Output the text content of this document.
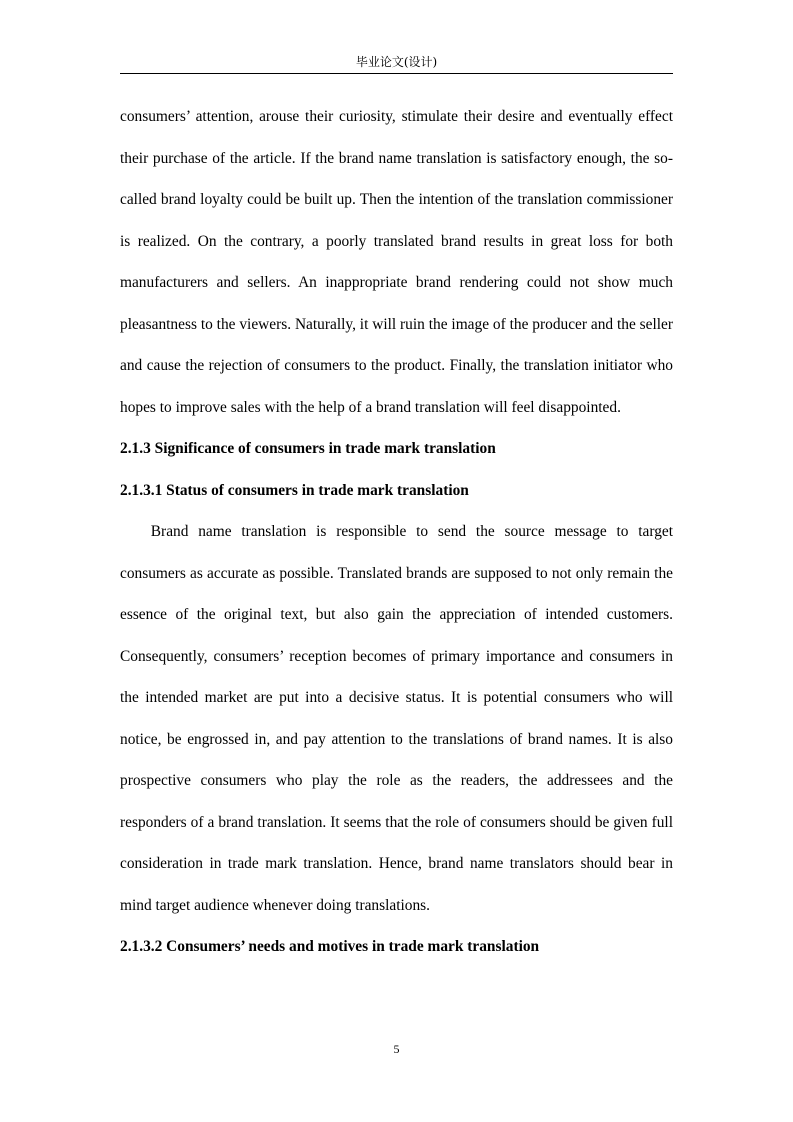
毕业论文(设计)

consumers’ attention, arouse their curiosity, stimulate their desire and eventually effect their purchase of the article. If the brand name translation is satisfactory enough, the so-called brand loyalty could be built up. Then the intention of the translation commissioner is realized. On the contrary, a poorly translated brand results in great loss for both manufacturers and sellers. An inappropriate brand rendering could not show much pleasantness to the viewers. Naturally, it will ruin the image of the producer and the seller and cause the rejection of consumers to the product. Finally, the translation initiator who hopes to improve sales with the help of a brand translation will feel disappointed.

2.1.3 Significance of consumers in trade mark translation

2.1.3.1 Status of consumers in trade mark translation

Brand name translation is responsible to send the source message to target consumers as accurate as possible. Translated brands are supposed to not only remain the essence of the original text, but also gain the appreciation of intended customers. Consequently, consumers’ reception becomes of primary importance and consumers in the intended market are put into a decisive status. It is potential consumers who will notice, be engrossed in, and pay attention to the translations of brand names. It is also prospective consumers who play the role as the readers, the addressees and the responders of a brand translation. It seems that the role of consumers should be given full consideration in trade mark translation. Hence, brand name translators should bear in mind target audience whenever doing translations.

2.1.3.2 Consumers’ needs and motives in trade mark translation

5
